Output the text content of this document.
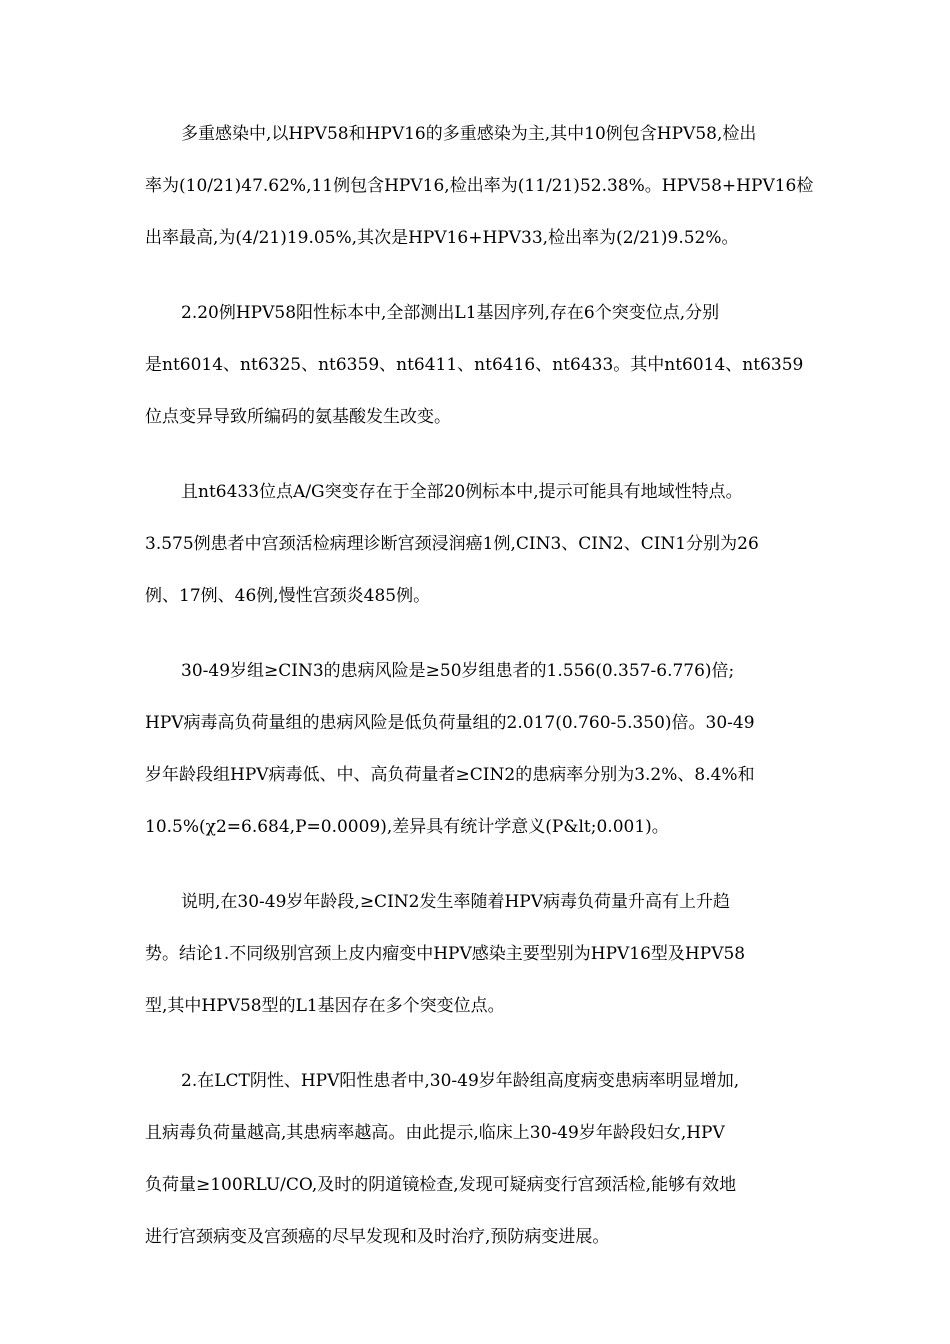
多重感染中,以HPV58和HPV16的多重感染为主,其中10例包含HPV58,检出
率为(10/21)47.62%,11例包含HPV16,检出率为(11/21)52.38%。HPV58+HPV16检
出率最高,为(4/21)19.05%,其次是HPV16+HPV33,检出率为(2/21)9.52%。

2.20例HPV58阳性标本中,全部测出L1基因序列,存在6个突变位点,分别
是nt6014、nt6325、nt6359、nt6411、nt6416、nt6433。其中nt6014、nt6359
位点变异导致所编码的氨基酸发生改变。

且nt6433位点A/G突变存在于全部20例标本中,提示可能具有地域性特点。
3.575例患者中宫颈活检病理诊断宫颈浸润癌1例,CIN3、CIN2、CIN1分别为26
例、17例、46例,慢性宫颈炎485例。

30-49岁组≥CIN3的患病风险是≥50岁组患者的1.556(0.357-6.776)倍;
HPV病毒高负荷量组的患病风险是低负荷量组的2.017(0.760-5.350)倍。30-49
岁年龄段组HPV病毒低、中、高负荷量者≥CIN2的患病率分别为3.2%、8.4%和
10.5%(χ2=6.684,P=0.0009),差异具有统计学意义(P&lt;0.001)。

说明,在30-49岁年龄段,≥CIN2发生率随着HPV病毒负荷量升高有上升趋
势。结论1.不同级别宫颈上皮内瘤变中HPV感染主要型别为HPV16型及HPV58
型,其中HPV58型的L1基因存在多个突变位点。

2.在LCT阴性、HPV阳性患者中,30-49岁年龄组高度病变患病率明显增加,
且病毒负荷量越高,其患病率越高。由此提示,临床上30-49岁年龄段妇女,HPV
负荷量≥100RLU/CO,及时的阴道镜检查,发现可疑病变行宫颈活检,能够有效地
进行宫颈病变及宫颈癌的尽早发现和及时治疗,预防病变进展。
